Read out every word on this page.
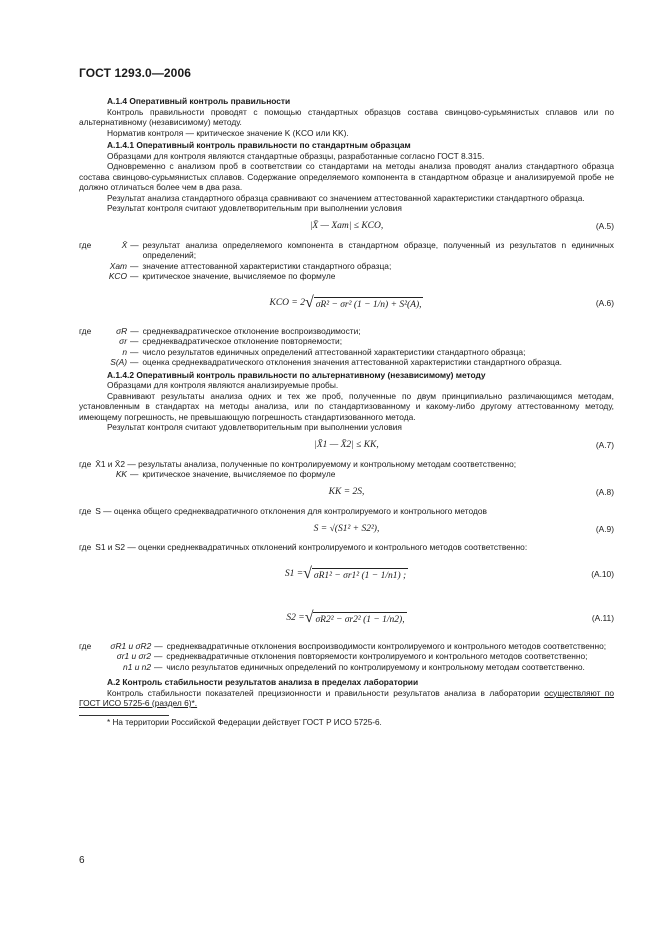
ГОСТ 1293.0—2006
А.1.4 Оперативный контроль правильности

Контроль правильности проводят с помощью стандартных образцов состава свинцово-сурьмянистых сплавов или по альтернативному (независимому) методу.

Норматив контроля — критическое значение K (KCO или KK).

А.1.4.1 Оперативный контроль правильности по стандартным образцам

Образцами для контроля являются стандартные образцы, разработанные согласно ГОСТ 8.315.

Одновременно с анализом проб в соответствии со стандартами на методы анализа проводят анализ стандартного образца состава свинцово-сурьмянистых сплавов. Содержание определяемого компонента в стандартном образце и анализируемой пробе не должно отличаться более чем в два раза.

Результат анализа стандартного образца сравнивают со значением аттестованной характеристики стандартного образца.

Результат контроля считают удовлетворительным при выполнении условия

|X̄ — Xат| ≤ KCO,	(А.5)
где	X̄ — результат анализа определяемого компонента в стандартном образце, полученный из результатов n единичных определений;
Xат — значение аттестованной характеристики стандартного образца;
KCO — критическое значение, вычисляемое по формуле
KCO = 2 √ σR² − σr² (1 − 1/n) + S²(A),	(А.6)
где	σR — среднеквадратическое отклонение воспроизводимости;
σr — среднеквадратическое отклонение повторяемости;
n — число результатов единичных определений аттестованной характеристики стандартного образца;
S(A) — оценка среднеквадратического отклонения значения аттестованной характеристики стандартного образца.
А.1.4.2 Оперативный контроль правильности по альтернативному (независимому) методу

Образцами для контроля являются анализируемые пробы.

Сравнивают результаты анализа одних и тех же проб, полученные по двум принципиально различающимся методам, установленным в стандартах на методы анализа, или по стандартизованному и какому-либо другому аттестованному методу, имеющему погрешность, не превышающую погрешность стандартизованного метода.

Результат контроля считают удовлетворительным при выполнении условия

|X̄1 — X̄2| ≤ KK,	(А.7)
где X̄1 и X̄2 — результаты анализа, полученные по контролируемому и контрольному методам соответственно;
KK — критическое значение, вычисляемое по формуле
KK = 2S,	(А.8)
где S — оценка общего среднеквадратичного отклонения для контролируемого и контрольного методов
S = √(S1² + S2²),	(А.9)
где S1 и S2 — оценки среднеквадратичных отклонений контролируемого и контрольного методов соответственно:
S1 = √ σR1² − σr1² (1 − 1/n1) ;	(А.10)
S2 = √ σR2² − σr2² (1 − 1/n2),	(А.11)
где	σR1 и σR2 — среднеквадратичные отклонения воспроизводимости контролируемого и контрольного методов соответственно;
σr1 и σr2 — среднеквадратичные отклонения повторяемости контролируемого и контрольного методов соответственно;
n1 и n2 — число результатов единичных определений по контролируемому и контрольному методам соответственно.
А.2 Контроль стабильности результатов анализа в пределах лаборатории

Контроль стабильности показателей прецизионности и правильности результатов анализа в лаборатории осуществляют по ГОСТ ИСО 5725-6 (раздел 6)*.

* На территории Российской Федерации действует ГОСТ Р ИСО 5725-6.
6
